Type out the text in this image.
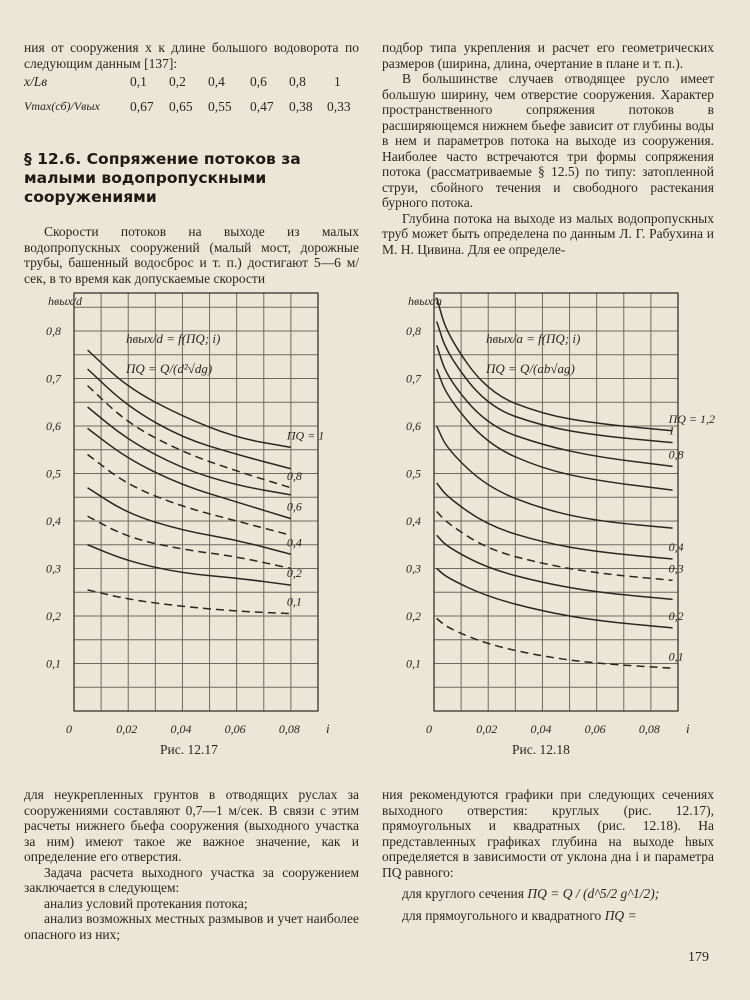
ния от сооружения x к длине большого водоворота по следующим данным [137]:

x/Lв	0,1 0,2 0,4 0,6 0,8 1
Vmax(сб)/Vвых 0,67 0,65 0,55 0,47 0,38 0,33
§ 12.6. Сопряжение потоков за малыми водопропускными сооружениями

Скорости потоков на выходе из малых водопропускных сооружений (малый мост, дорожные трубы, башенный водосброс и т. п.) достигают 5—6 м/сек, в то время как допускаемые скорости

подбор типа укрепления и расчет его геометрических размеров (ширина, длина, очертание в плане и т. п.).

В большинстве случаев отводящее русло имеет большую ширину, чем отверстие сооружения. Характер пространственного сопряжения потоков в расширяющемся нижнем бьефе зависит от глубины воды в нем и параметров потока на выходе из сооружения. Наиболее часто встречаются три формы сопряжения потока (рассматриваемые § 12.5) по типу: затопленной струи, сбойного течения и свободного растекания бурного потока.

Глубина потока на выходе из малых водопропускных труб может быть определена по данным Л. Г. Рабухина и М. Н. Цивина. Для ее определе-

0,1
0,2
0,3
0,4
0,5
0,6
0,7
0,8
0	0,02	0,04	0,06	0,08
hвых/d
i
hвых/d = f(ПQ; i)
ПQ = Q/(d²√dg)
ПQ = 1
0,8
0,6
0,4
0,2
0,1
Рис. 12.17
0,1
0,2
0,3
0,4
0,5
0,6
0,7
0,8
0	0,02	0,04	0,06	0,08
hвых/a
i
hвых/a = f(ПQ; i)
ПQ = Q/(ab√ag)
ПQ = 1,2
1
0,8
0,4
0,3
0,2
0,1
Рис. 12.18

для неукрепленных грунтов в отводящих руслах за сооружениями составляют 0,7—1 м/сек. В связи с этим расчеты нижнего бьефа сооружения (выходного участка за ним) имеют такое же важное значение, как и определение его отверстия.

Задача расчета выходного участка за сооружением заключается в следующем:

анализ условий протекания потока;

анализ возможных местных размывов и учет наиболее опасного из них;

ния рекомендуются графики при следующих сечениях выходного отверстия: круглых (рис. 12.17), прямоугольных и квадратных (рис. 12.18). На представленных графиках глубина на выходе hвых определяется в зависимости от уклона дна i и параметра ПQ равного:

для круглого сечения ПQ = Q / (d^5/2 g^1/2);

для прямоугольного и квадратного ПQ =

179
